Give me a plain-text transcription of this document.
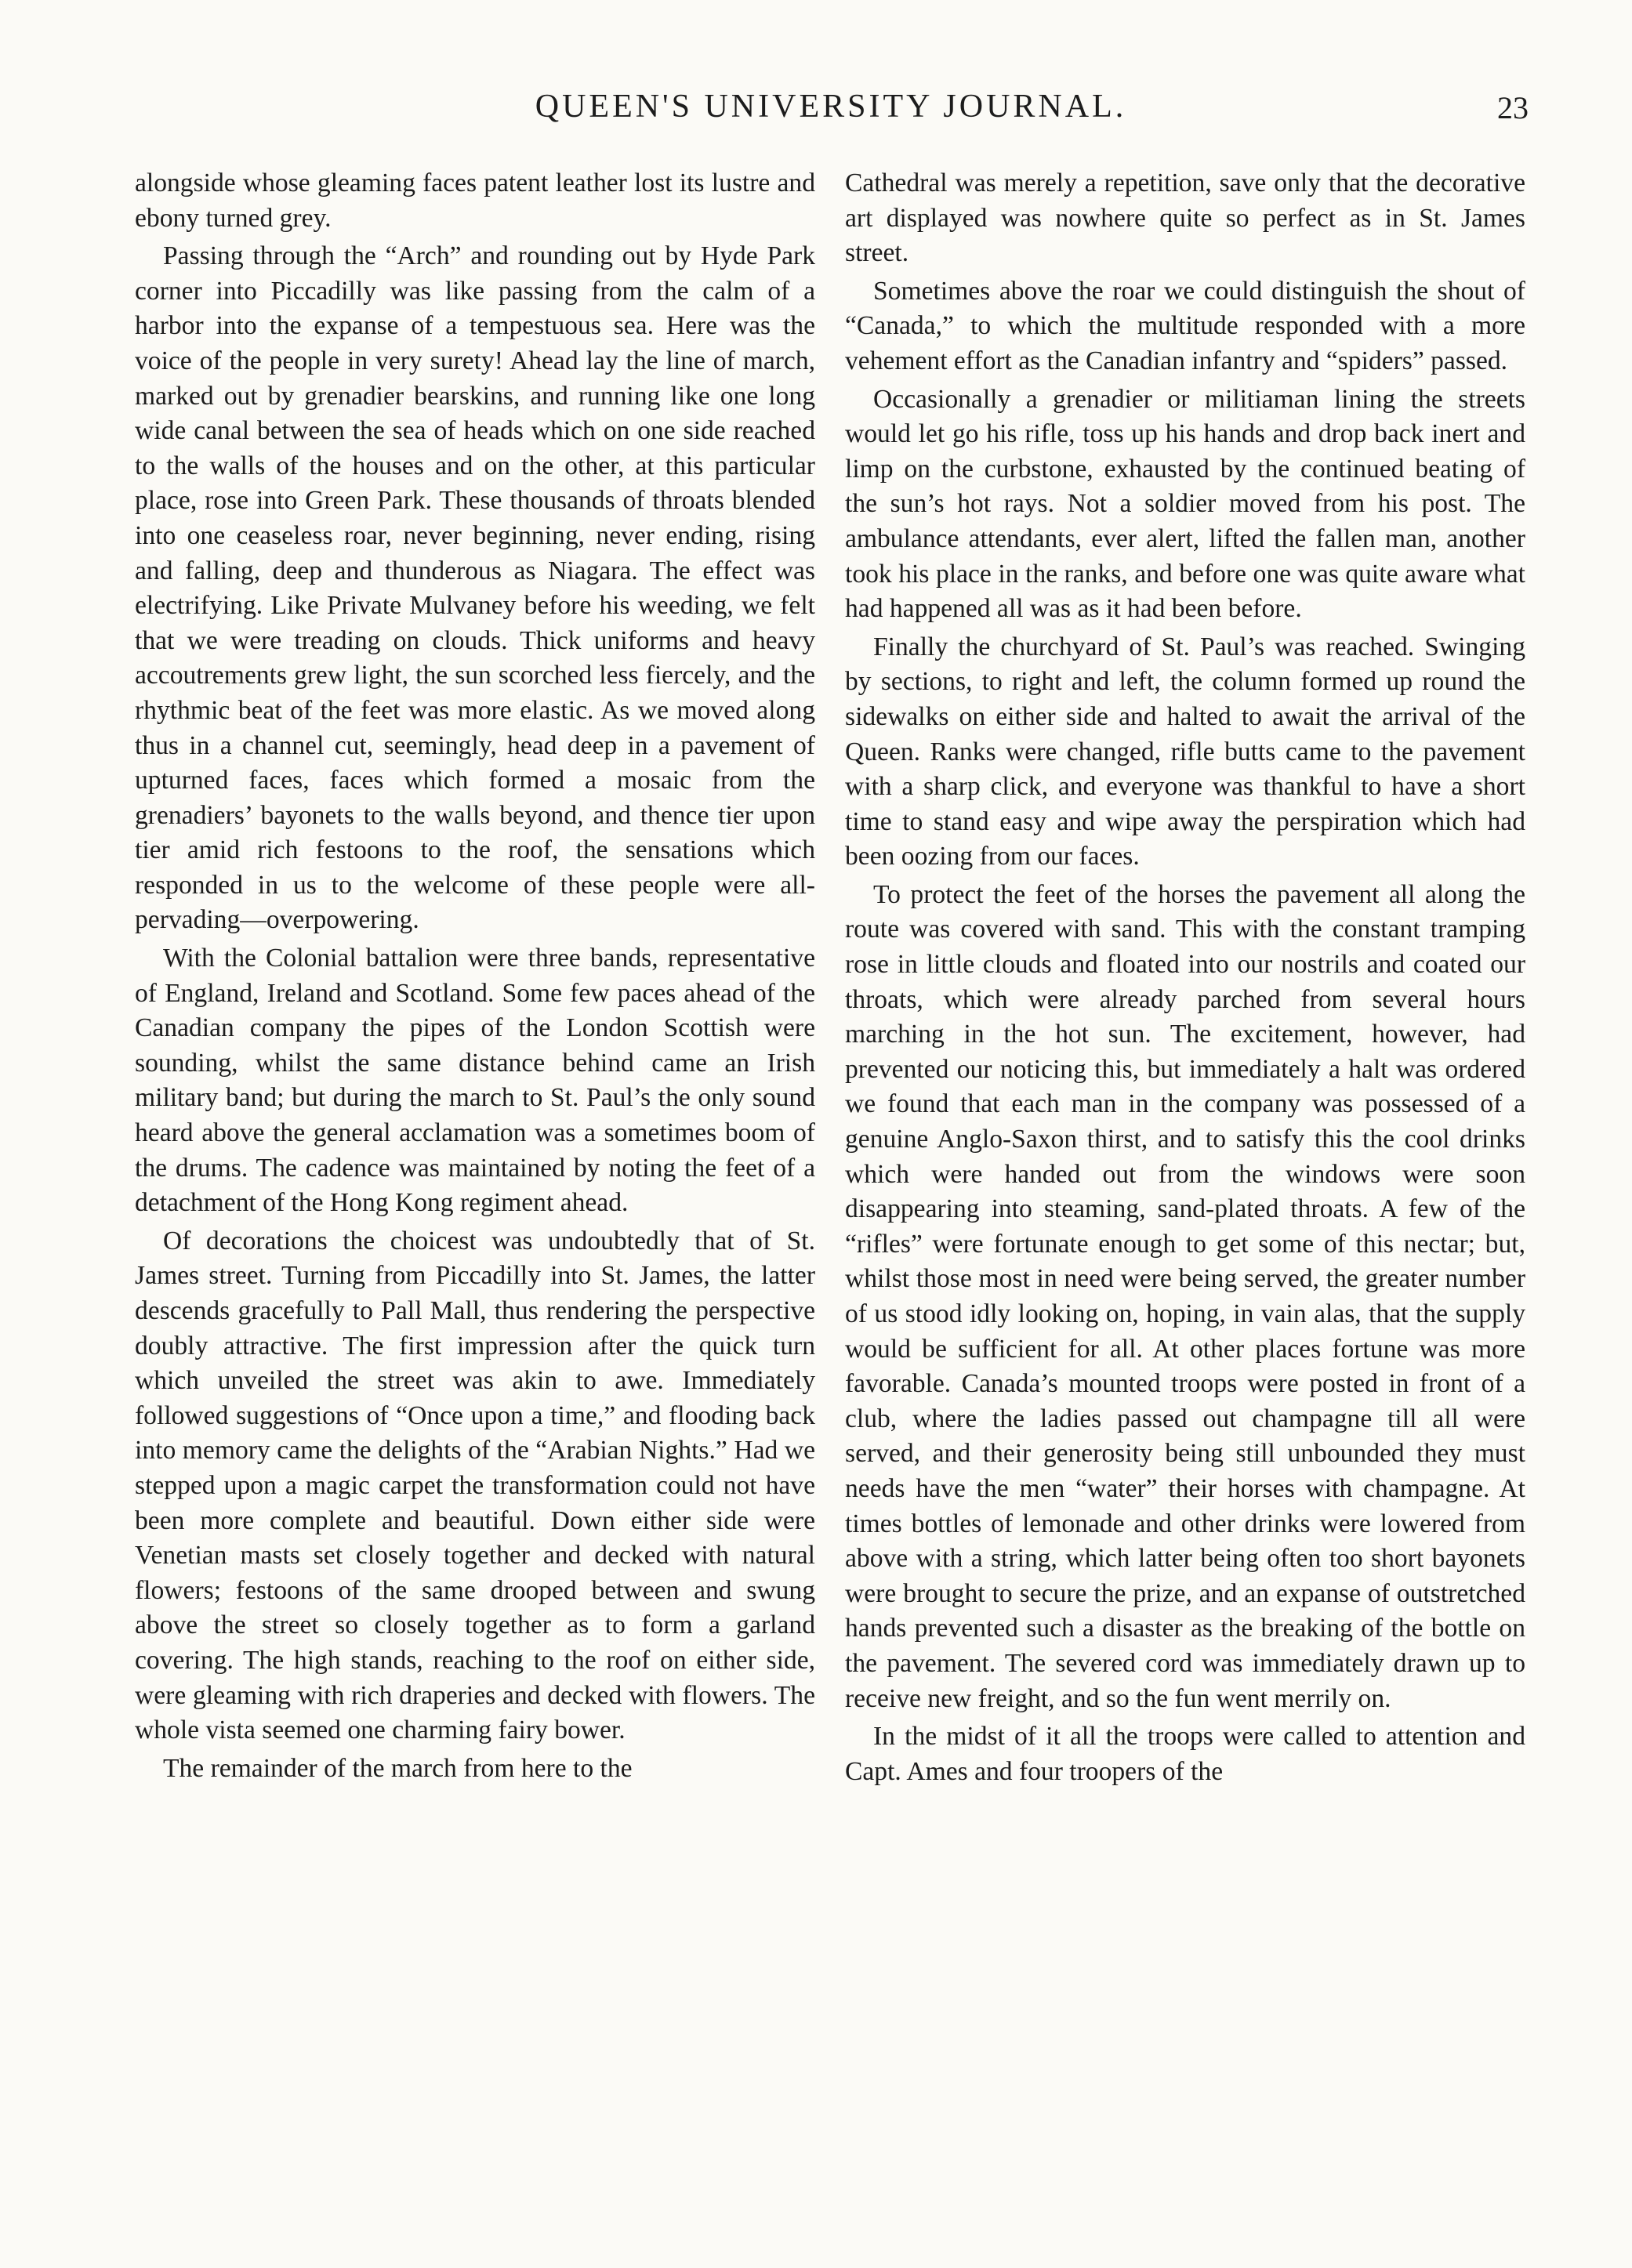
QUEEN'S UNIVERSITY JOURNAL.	23

alongside whose gleaming faces patent leather lost its lustre and ebony turned grey.

Passing through the “Arch” and rounding out by Hyde Park corner into Piccadilly was like passing from the calm of a harbor into the expanse of a tempestuous sea. Here was the voice of the people in very surety! Ahead lay the line of march, marked out by grenadier bearskins, and running like one long wide canal between the sea of heads which on one side reached to the walls of the houses and on the other, at this particular place, rose into Green Park. These thousands of throats blended into one ceaseless roar, never beginning, never ending, rising and falling, deep and thunderous as Niagara. The effect was electrifying. Like Private Mulvaney before his weeding, we felt that we were treading on clouds. Thick uniforms and heavy accoutrements grew light, the sun scorched less fiercely, and the rhythmic beat of the feet was more elastic. As we moved along thus in a channel cut, seemingly, head deep in a pavement of upturned faces, faces which formed a mosaic from the grenadiers’ bayonets to the walls beyond, and thence tier upon tier amid rich festoons to the roof, the sensations which responded in us to the welcome of these people were all-pervading—overpowering.

With the Colonial battalion were three bands, representative of England, Ireland and Scotland. Some few paces ahead of the Canadian company the pipes of the London Scottish were sounding, whilst the same distance behind came an Irish military band; but during the march to St. Paul’s the only sound heard above the general acclamation was a sometimes boom of the drums. The cadence was maintained by noting the feet of a detachment of the Hong Kong regiment ahead.

Of decorations the choicest was undoubtedly that of St. James street. Turning from Piccadilly into St. James, the latter descends gracefully to Pall Mall, thus rendering the perspective doubly attractive. The first impression after the quick turn which unveiled the street was akin to awe. Immediately followed suggestions of “Once upon a time,” and flooding back into memory came the delights of the “Arabian Nights.” Had we stepped upon a magic carpet the transformation could not have been more complete and beautiful. Down either side were Venetian masts set closely together and decked with natural flowers; festoons of the same drooped between and swung above the street so closely together as to form a garland covering. The high stands, reaching to the roof on either side, were gleaming with rich draperies and decked with flowers. The whole vista seemed one charming fairy bower.

The remainder of the march from here to the

Cathedral was merely a repetition, save only that the decorative art displayed was nowhere quite so perfect as in St. James street.

Sometimes above the roar we could distinguish the shout of “Canada,” to which the multitude responded with a more vehement effort as the Canadian infantry and “spiders” passed.

Occasionally a grenadier or militiaman lining the streets would let go his rifle, toss up his hands and drop back inert and limp on the curbstone, exhausted by the continued beating of the sun’s hot rays. Not a soldier moved from his post. The ambulance attendants, ever alert, lifted the fallen man, another took his place in the ranks, and before one was quite aware what had happened all was as it had been before.

Finally the churchyard of St. Paul’s was reached. Swinging by sections, to right and left, the column formed up round the sidewalks on either side and halted to await the arrival of the Queen. Ranks were changed, rifle butts came to the pavement with a sharp click, and everyone was thankful to have a short time to stand easy and wipe away the perspiration which had been oozing from our faces.

To protect the feet of the horses the pavement all along the route was covered with sand. This with the constant tramping rose in little clouds and floated into our nostrils and coated our throats, which were already parched from several hours marching in the hot sun. The excitement, however, had prevented our noticing this, but immediately a halt was ordered we found that each man in the company was possessed of a genuine Anglo-Saxon thirst, and to satisfy this the cool drinks which were handed out from the windows were soon disappearing into steaming, sand-plated throats. A few of the “rifles” were fortunate enough to get some of this nectar; but, whilst those most in need were being served, the greater number of us stood idly looking on, hoping, in vain alas, that the supply would be sufficient for all. At other places fortune was more favorable. Canada’s mounted troops were posted in front of a club, where the ladies passed out champagne till all were served, and their generosity being still unbounded they must needs have the men “water” their horses with champagne. At times bottles of lemonade and other drinks were lowered from above with a string, which latter being often too short bayonets were brought to secure the prize, and an expanse of outstretched hands prevented such a disaster as the breaking of the bottle on the pavement. The severed cord was immediately drawn up to receive new freight, and so the fun went merrily on.

In the midst of it all the troops were called to attention and Capt. Ames and four troopers of the
